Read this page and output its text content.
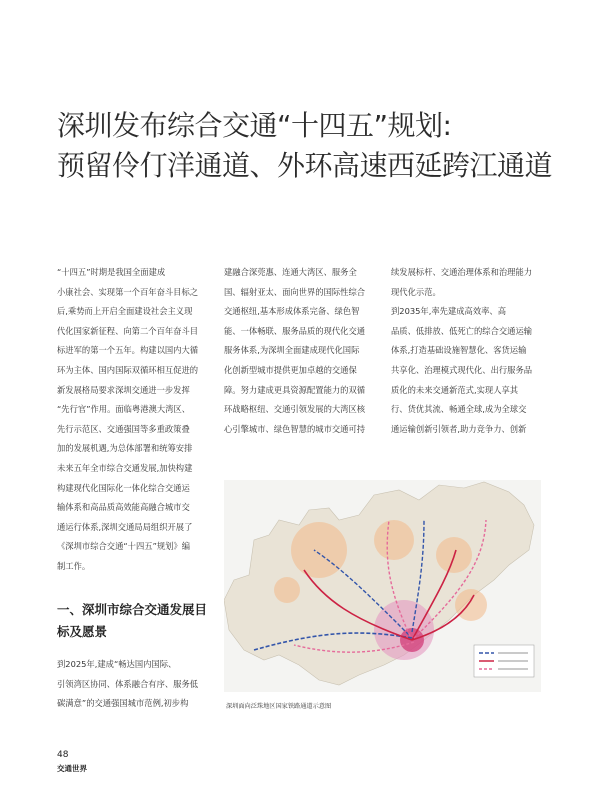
深圳发布综合交通“十四五”规划:
预留伶仃洋通道、外环高速西延跨江通道

“十四五”时期是我国全面建成
小康社会、实现第一个百年奋斗目标之
后,乘势而上开启全面建设社会主义现
代化国家新征程、向第二个百年奋斗目
标进军的第一个五年。构建以国内大循
环为主体、国内国际双循环相互促进的
新发展格局要求深圳交通进一步发挥
“先行官”作用。面临粤港澳大湾区、
先行示范区、交通强国等多重政策叠
加的发展机遇,为总体部署和统筹安排
未来五年全市综合交通发展,加快构建
构建现代化国际化一体化综合交通运
输体系和高品质高效能高融合城市交
通运行体系,深圳交通局局组织开展了
《深圳市综合交通“十四五”规划》编
制工作。

一、深圳市综合交通发展目
标及愿景
到2025年,建成“畅达国内国际、
引领湾区协同、体系融合有序、服务低
碳满意”的交通强国城市范例,初步构

建融合深莞惠、连通大湾区、服务全
国、辐射亚太、面向世界的国际性综合
交通枢纽,基本形成体系完备、绿色智
能、一体畅联、服务品质的现代化交通
服务体系,为深圳全面建成现代化国际
化创新型城市提供更加卓越的交通保
障。努力建成更具资源配置能力的双循
环战略枢纽、交通引领发展的大湾区核
心引擎城市、绿色智慧的城市交通可持

续发展标杆、交通治理体系和治理能力
现代化示范。
到2035年,率先建成高效率、高
品质、低排放、低死亡的综合交通运输
体系,打造基础设施智慧化、客货运输
共享化、治理模式现代化、出行服务品
质化的未来交通新范式,实现人享其
行、货优其流、畅通全球,成为全球交
通运输创新引领者,助力竞争力、创新

深圳面向泛珠地区国家铁路通道示意图
48
交通世界
